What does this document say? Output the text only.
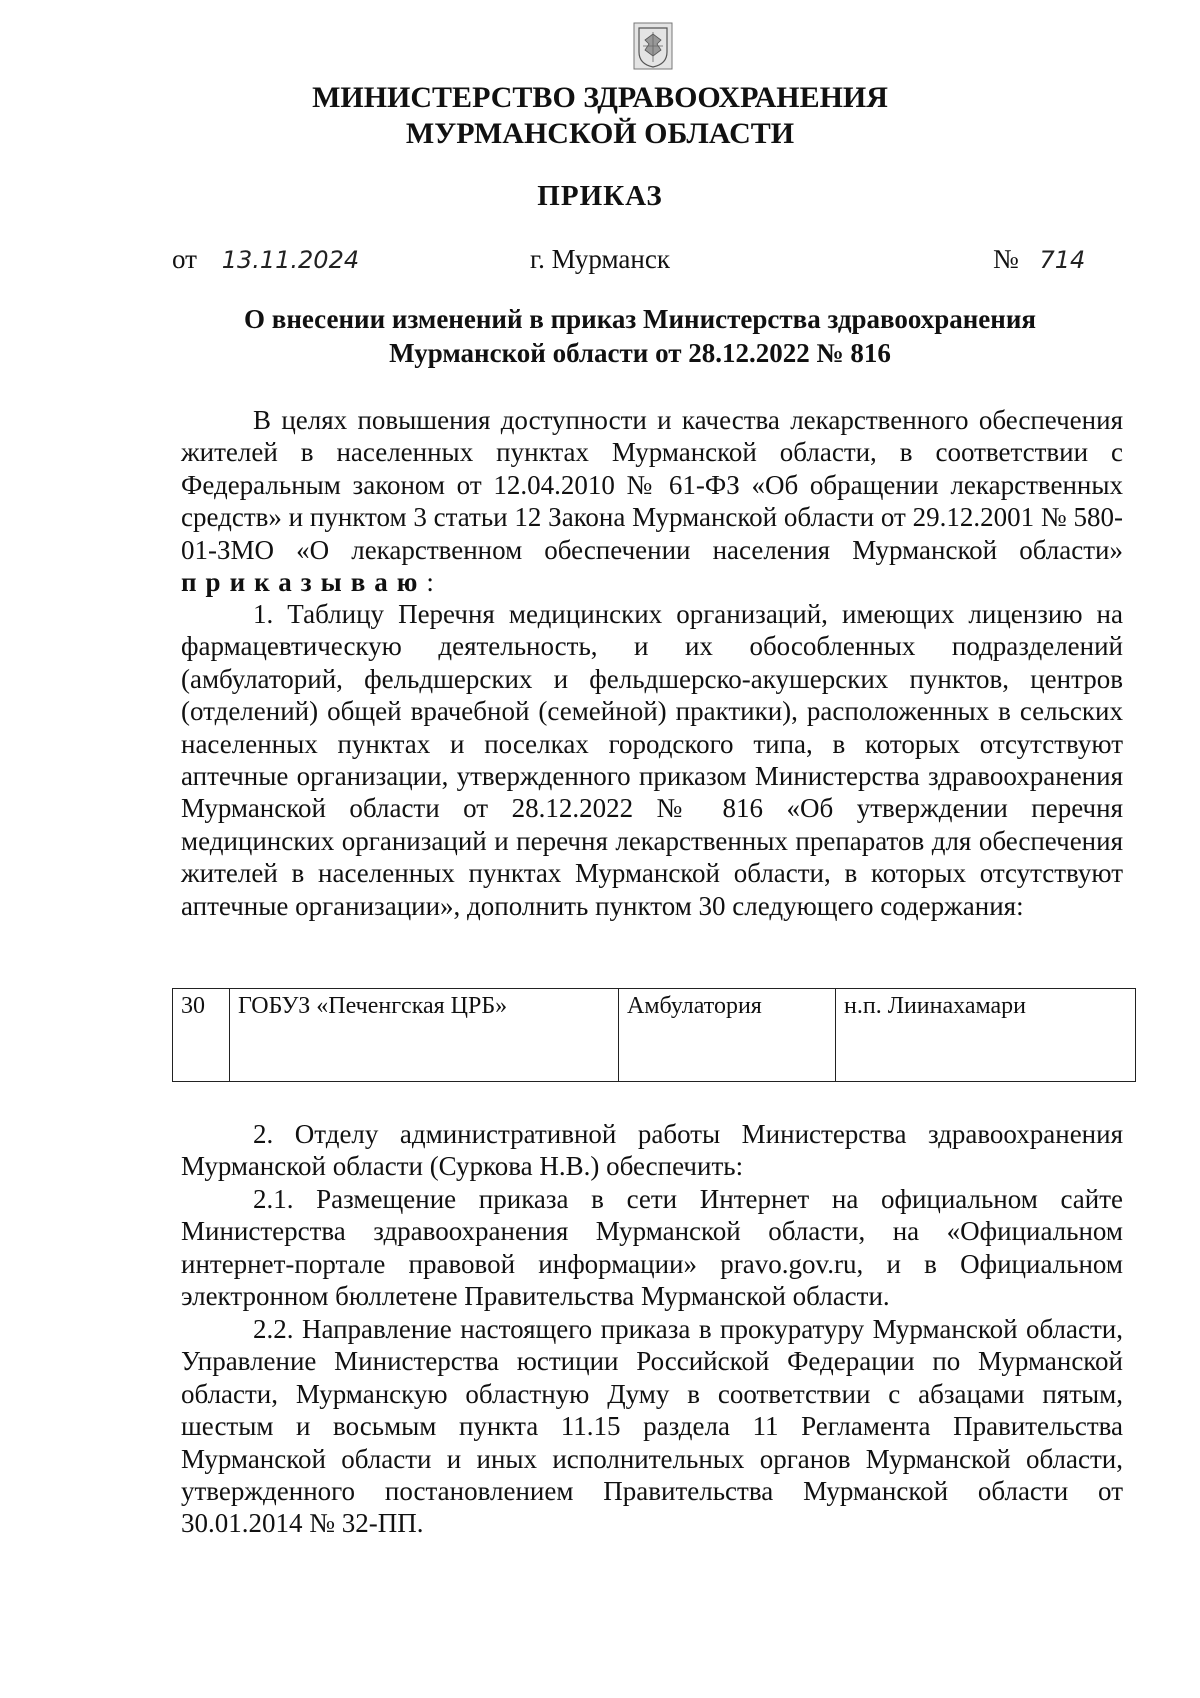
МИНИСТЕРСТВО ЗДРАВООХРАНЕНИЯ
МУРМАНСКОЙ ОБЛАСТИ
ПРИКАЗ
от 13.11.2024	г. Мурманск	№ 714
О внесении изменений в приказ Министерства здравоохранения
Мурманской области от 28.12.2022 № 816

В целях повышения доступности и качества лекарственного обеспечения жителей в населенных пунктах Мурманской области, в соответствии с Федеральным законом от 12.04.2010 № 61-ФЗ «Об обращении лекарственных средств» и пунктом 3 статьи 12 Закона Мурманской области от 29.12.2001 № 580-01-ЗМО «О лекарственном обеспечении населения Мурманской области» приказываю:

1. Таблицу Перечня медицинских организаций, имеющих лицензию на фармацевтическую деятельность, и их обособленных подразделений (амбулаторий, фельдшерских и фельдшерско-акушерских пунктов, центров (отделений) общей врачебной (семейной) практики), расположенных в сельских населенных пунктах и поселках городского типа, в которых отсутствуют аптечные организации, утвержденного приказом Министерства здравоохранения Мурманской области от 28.12.2022 № 816 «Об утверждении перечня медицинских организаций и перечня лекарственных препаратов для обеспечения жителей в населенных пунктах Мурманской области, в которых отсутствуют аптечные организации», дополнить пунктом 30 следующего содержания:

30	ГОБУЗ «Печенгская ЦРБ»	Амбулатория	н.п. Лиинахамари

2. Отделу административной работы Министерства здравоохранения Мурманской области (Суркова Н.В.) обеспечить:

2.1. Размещение приказа в сети Интернет на официальном сайте Министерства здравоохранения Мурманской области, на «Официальном интернет-портале правовой информации» pravo.gov.ru, и в Официальном электронном бюллетене Правительства Мурманской области.

2.2. Направление настоящего приказа в прокуратуру Мурманской области, Управление Министерства юстиции Российской Федерации по Мурманской области, Мурманскую областную Думу в соответствии с абзацами пятым, шестым и восьмым пункта 11.15 раздела 11 Регламента Правительства Мурманской области и иных исполнительных органов Мурманской области, утвержденного постановлением Правительства Мурманской области от 30.01.2014 № 32-ПП.
